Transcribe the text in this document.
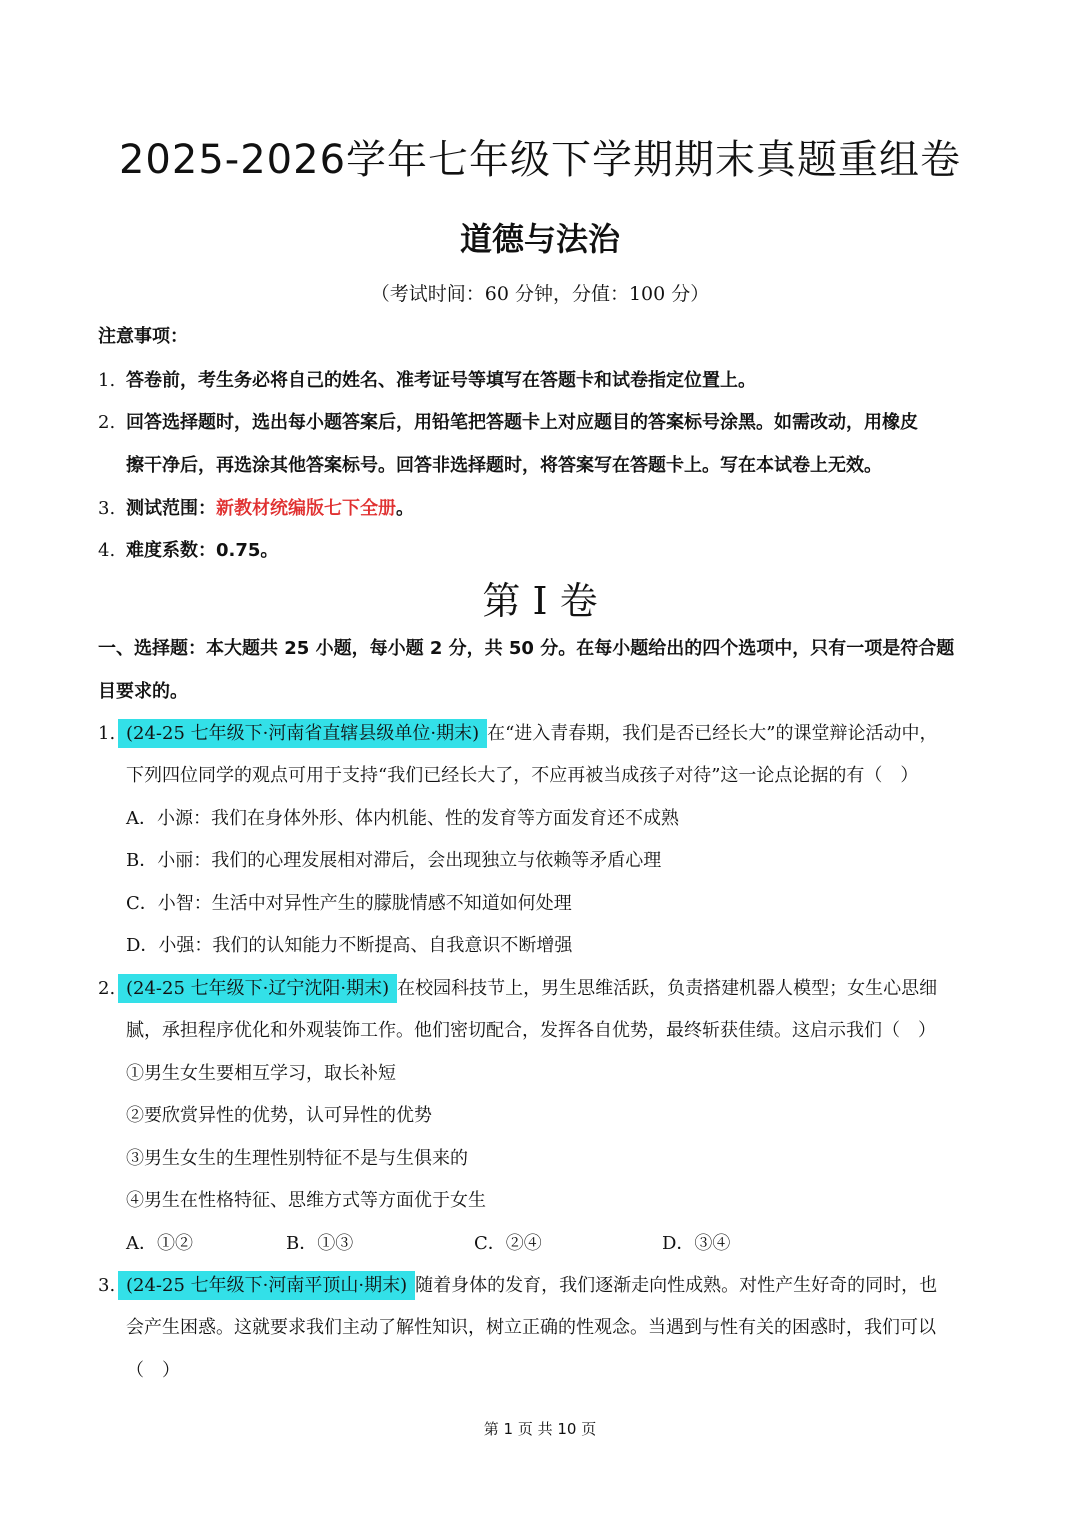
2025-2026学年七年级下学期期末真题重组卷
道德与法治
（考试时间：60 分钟，分值：100 分）
注意事项：
1. 答卷前，考生务必将自己的姓名、准考证号等填写在答题卡和试卷指定位置上。
2. 回答选择题时，选出每小题答案后，用铅笔把答题卡上对应题目的答案标号涂黑。如需改动，用橡皮
擦干净后，再选涂其他答案标号。回答非选择题时，将答案写在答题卡上。写在本试卷上无效。
3. 测试范围：新教材统编版七下全册。
4. 难度系数：0.75。
第 I 卷
一、选择题：本大题共 25 小题，每小题 2 分，共 50 分。在每小题给出的四个选项中，只有一项是符合题
目要求的。
1. (24-25 七年级下·河南省直辖县级单位·期末) 在“进入青春期，我们是否已经长大”的课堂辩论活动中，
下列四位同学的观点可用于支持“我们已经长大了，不应再被当成孩子对待”这一论点论据的有（　）
A．小源：我们在身体外形、体内机能、性的发育等方面发育还不成熟
B．小丽：我们的心理发展相对滞后，会出现独立与依赖等矛盾心理
C．小智：生活中对异性产生的朦胧情感不知道如何处理
D．小强：我们的认知能力不断提高、自我意识不断增强
2. (24-25 七年级下·辽宁沈阳·期末) 在校园科技节上，男生思维活跃，负责搭建机器人模型；女生心思细
腻，承担程序优化和外观装饰工作。他们密切配合，发挥各自优势，最终斩获佳绩。这启示我们（　）
①男生女生要相互学习，取长补短
②要欣赏异性的优势，认可异性的优势
③男生女生的生理性别特征不是与生俱来的
④男生在性格特征、思维方式等方面优于女生
A．①②	B．①③	C．②④	D．③④
3. (24-25 七年级下·河南平顶山·期末) 随着身体的发育，我们逐渐走向性成熟。对性产生好奇的同时，也
会产生困惑。这就要求我们主动了解性知识，树立正确的性观念。当遇到与性有关的困惑时，我们可以
（　）
第 1 页 共 10 页
